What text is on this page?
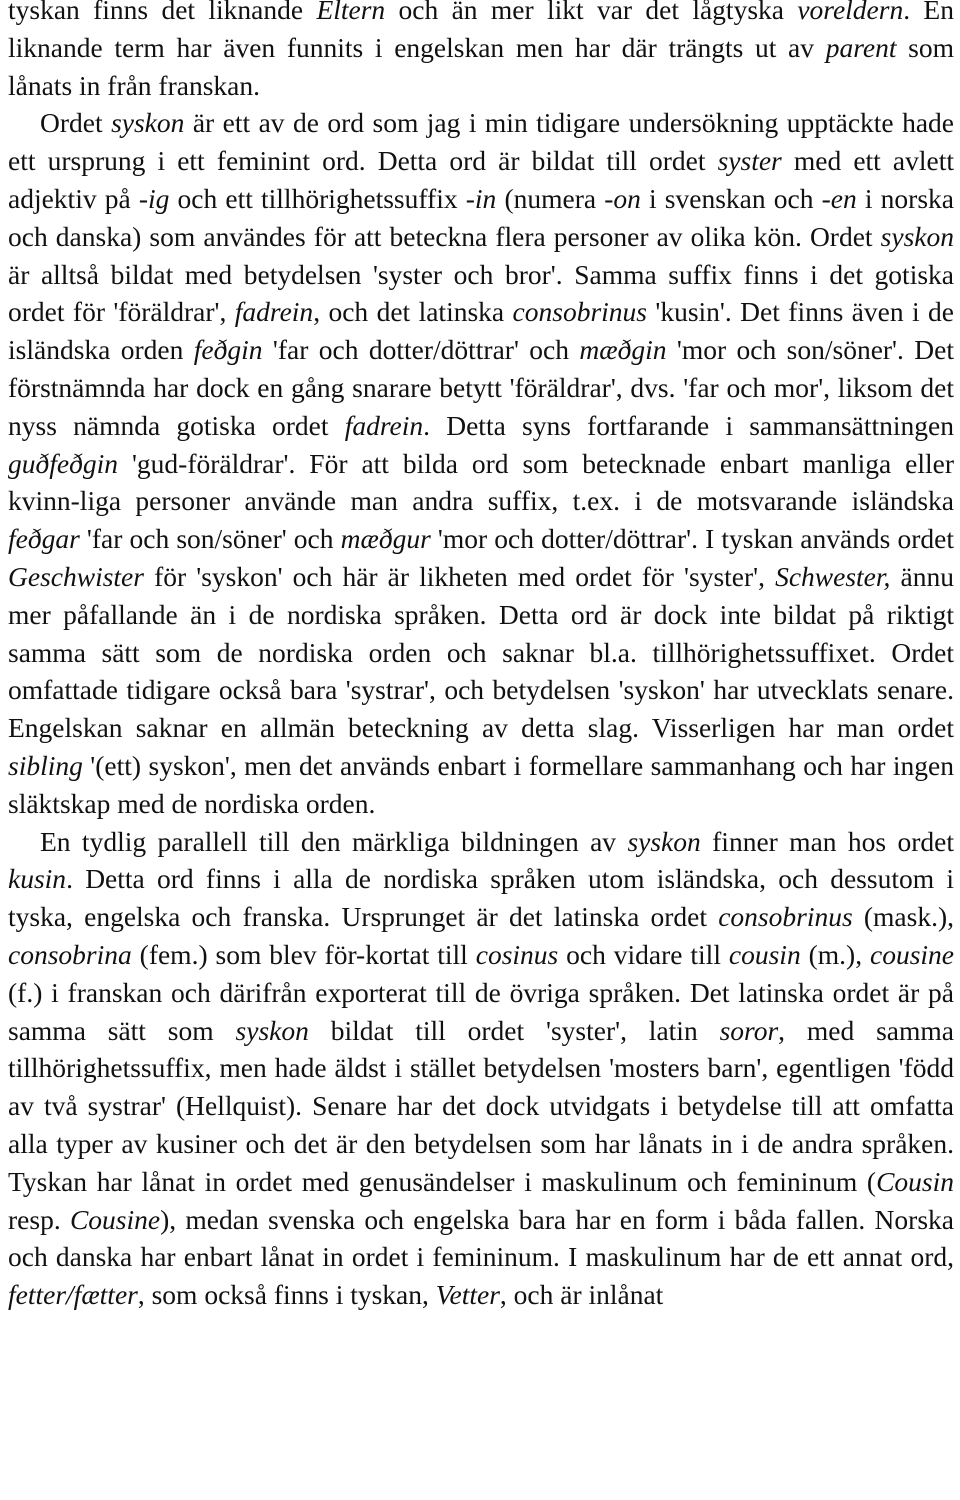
tyskan finns det liknande Eltern och än mer likt var det lågtyska voreldern. En liknande term har även funnits i engelskan men har där trängts ut av parent som lånats in från franskan.

Ordet syskon är ett av de ord som jag i min tidigare undersökning upptäckte hade ett ursprung i ett feminint ord. Detta ord är bildat till ordet syster med ett avlett adjektiv på -ig och ett tillhörighetssuffix -in (numera -on i svenskan och -en i norska och danska) som användes för att beteckna flera personer av olika kön. Ordet syskon är alltså bildat med betydelsen 'syster och bror'. Samma suffix finns i det gotiska ordet för 'föräldrar', fadrein, och det latinska consobrinus 'kusin'. Det finns även i de isländska orden feðgin 'far och dotter/döttrar' och mæðgin 'mor och son/söner'. Det förstnämnda har dock en gång snarare betytt 'föräldrar', dvs. 'far och mor', liksom det nyss nämnda gotiska ordet fadrein. Detta syns fortfarande i sammansättningen guðfeðgin 'gud-föräldrar'. För att bilda ord som betecknade enbart manliga eller kvinn-liga personer använde man andra suffix, t.ex. i de motsvarande isländska feðgar 'far och son/söner' och mæðgur 'mor och dotter/döttrar'. I tyskan används ordet Geschwister för 'syskon' och här är likheten med ordet för 'syster', Schwester, ännu mer påfallande än i de nordiska språken. Detta ord är dock inte bildat på riktigt samma sätt som de nordiska orden och saknar bl.a. tillhörighetssuffixet. Ordet omfattade tidigare också bara 'systrar', och betydelsen 'syskon' har utvecklats senare. Engelskan saknar en allmän beteckning av detta slag. Visserligen har man ordet sibling '(ett) syskon', men det används enbart i formellare sammanhang och har ingen släktskap med de nordiska orden.

En tydlig parallell till den märkliga bildningen av syskon finner man hos ordet kusin. Detta ord finns i alla de nordiska språken utom isländska, och dessutom i tyska, engelska och franska. Ursprunget är det latinska ordet consobrinus (mask.), consobrina (fem.) som blev för-kortat till cosinus och vidare till cousin (m.), cousine (f.) i franskan och därifrån exporterat till de övriga språken. Det latinska ordet är på samma sätt som syskon bildat till ordet 'syster', latin soror, med samma tillhörighetssuffix, men hade äldst i stället betydelsen 'mosters barn', egentligen 'född av två systrar' (Hellquist). Senare har det dock utvidgats i betydelse till att omfatta alla typer av kusiner och det är den betydelsen som har lånats in i de andra språken. Tyskan har lånat in ordet med genusändelser i maskulinum och femininum (Cousin resp. Cousine), medan svenska och engelska bara har en form i båda fallen. Norska och danska har enbart lånat in ordet i femininum. I maskulinum har de ett annat ord, fetter/fætter, som också finns i tyskan, Vetter, och är inlånat
